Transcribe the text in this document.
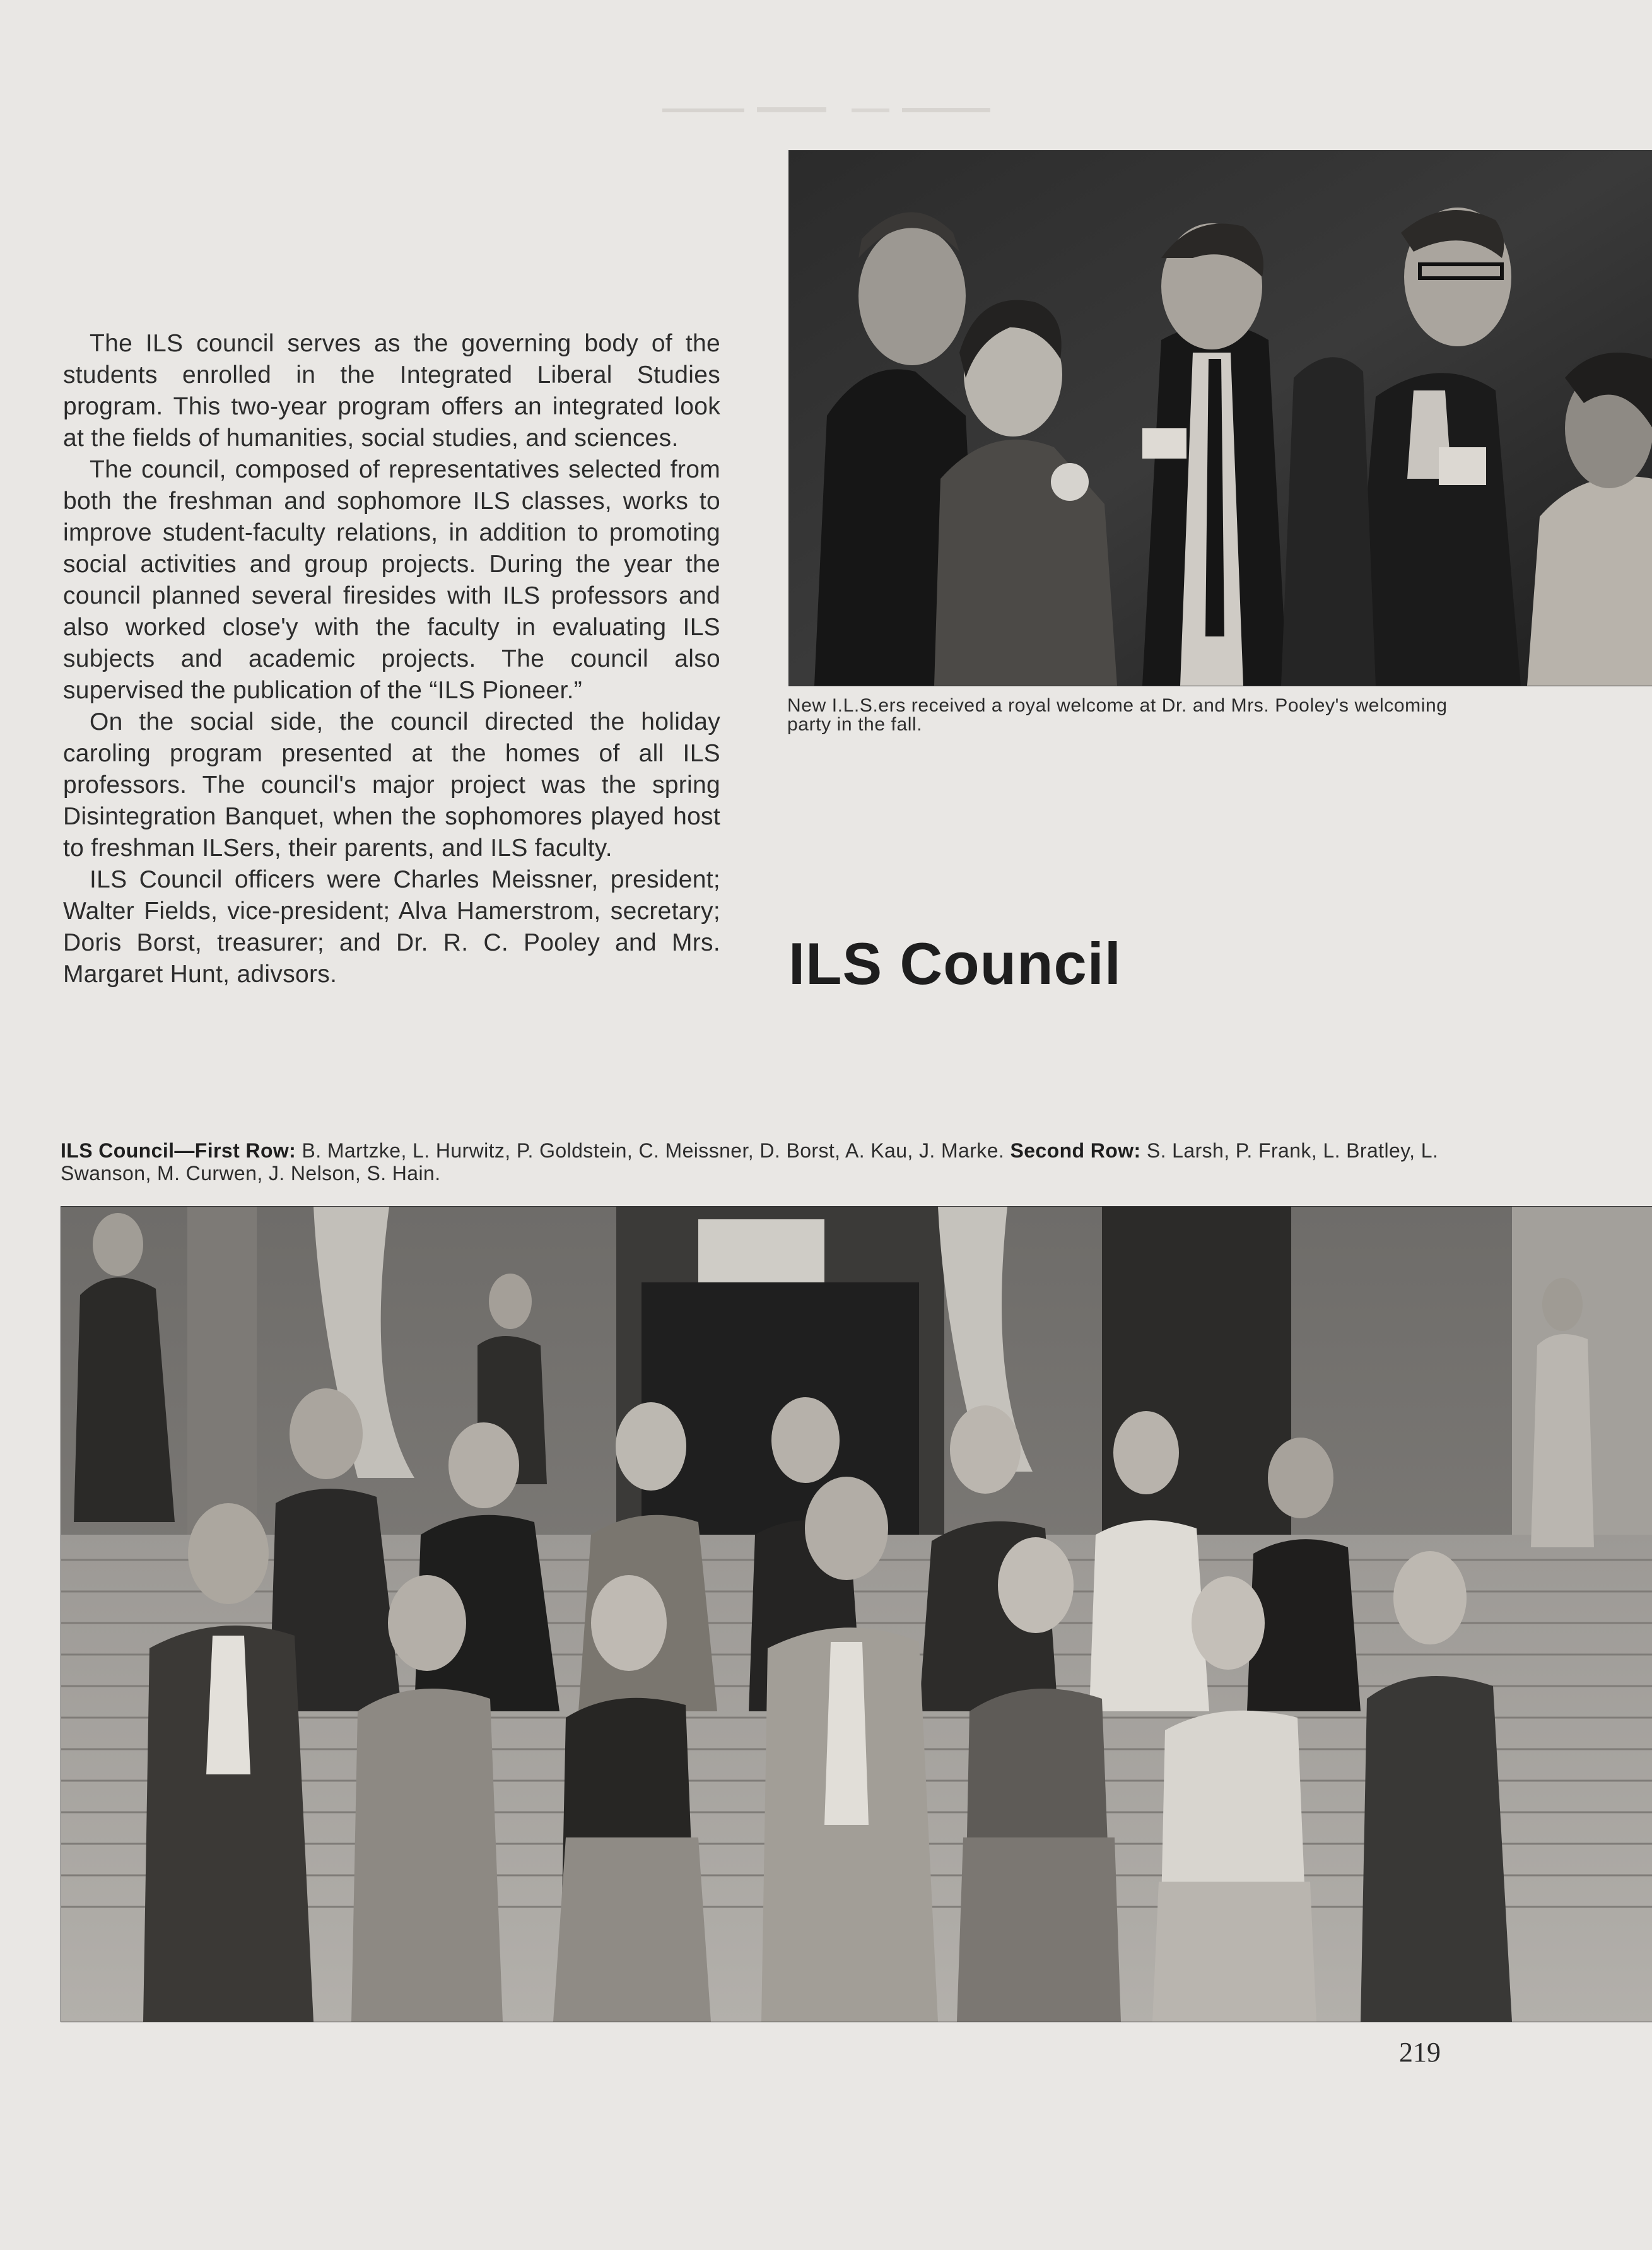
The ILS council serves as the governing body of the students enrolled in the Integrated Liberal Studies program. This two-year program offers an integrated look at the fields of humanities, social studies, and sciences.

The council, composed of representatives selected from both the freshman and sophomore ILS classes, works to improve student-faculty relations, in addition to promoting social activities and group projects. During the year the council planned several firesides with ILS professors and also worked close'y with the faculty in evaluating ILS subjects and academic projects. The council also supervised the publication of the “ILS Pioneer.”

On the social side, the council directed the holiday caroling program presented at the homes of all ILS professors. The council's major project was the spring Disintegration Banquet, when the sophomores played host to freshman ILSers, their parents, and ILS faculty.

ILS Council officers were Charles Meissner, president; Walter Fields, vice-president; Alva Hamerstrom, secretary; Doris Borst, treasurer; and Dr. R. C. Pooley and Mrs. Margaret Hunt, adivsors.

New I.L.S.ers received a royal welcome at Dr. and Mrs. Pooley's welcoming party in the fall.
ILS Council
ILS Council—First Row: B. Martzke, L. Hurwitz, P. Goldstein, C. Meissner, D. Borst, A. Kau, J. Marke. Second Row: S. Larsh, P. Frank, L. Bratley, L. Swanson, M. Curwen, J. Nelson, S. Hain.
219
